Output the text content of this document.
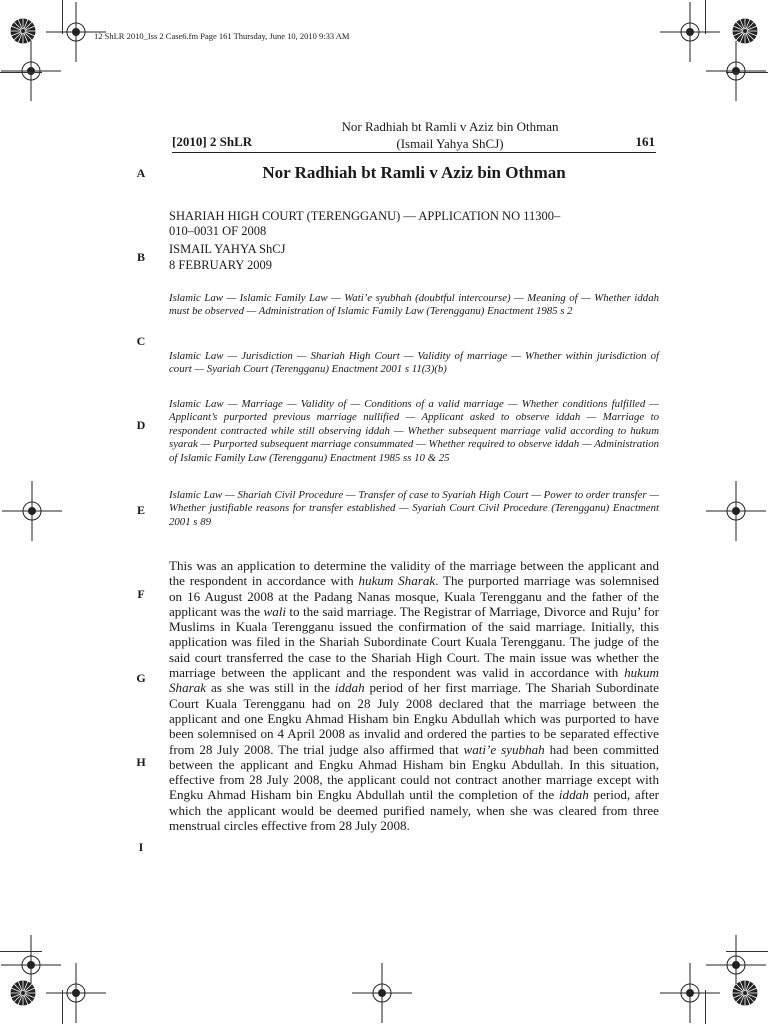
12 ShLR 2010_Iss 2 Case6.fm Page 161 Thursday, June 10, 2010 9:33 AM
[2010] 2 ShLR
Nor Radhiah bt Ramli v Aziz bin Othman
(Ismail Yahya ShCJ)	161
Nor Radhiah bt Ramli v Aziz bin Othman
A
B
C
D
E
F
G
H
I
SHARIAH HIGH COURT (TERENGGANU) — APPLICATION NO 11300–
010–0031 OF 2008
ISMAIL YAHYA ShCJ
8 FEBRUARY 2009
Islamic Law — Islamic Family Law — Wati’e syubhah (doubtful intercourse) — Meaning of — Whether iddah must be observed — Administration of Islamic Family Law (Terengganu) Enactment 1985 s 2
Islamic Law — Jurisdiction — Shariah High Court — Validity of marriage — Whether within jurisdiction of court — Syariah Court (Terengganu) Enactment 2001 s 11(3)(b)
Islamic Law — Marriage — Validity of — Conditions of a valid marriage — Whether conditions fulfilled — Applicant’s purported previous marriage nullified — Applicant asked to observe iddah — Marriage to respondent contracted while still observing iddah — Whether subsequent marriage valid according to hukum syarak — Purported subsequent marriage consummated — Whether required to observe iddah — Administration of Islamic Family Law (Terengganu) Enactment 1985 ss 10 & 25
Islamic Law — Shariah Civil Procedure — Transfer of case to Syariah High Court — Power to order transfer — Whether justifiable reasons for transfer established — Syariah Court Civil Procedure (Terengganu) Enactment 2001 s 89
This was an application to determine the validity of the marriage between the applicant and the respondent in accordance with hukum Sharak. The purported marriage was solemnised on 16 August 2008 at the Padang Nanas mosque, Kuala Terengganu and the father of the applicant was the wali to the said marriage. The Registrar of Marriage, Divorce and Ruju’ for Muslims in Kuala Terengganu issued the confirmation of the said marriage. Initially, this application was filed in the Shariah Subordinate Court Kuala Terengganu. The judge of the said court transferred the case to the Shariah High Court. The main issue was whether the marriage between the applicant and the respondent was valid in accordance with hukum Sharak as she was still in the iddah period of her first marriage. The Shariah Subordinate Court Kuala Terengganu had on 28 July 2008 declared that the marriage between the applicant and one Engku Ahmad Hisham bin Engku Abdullah which was purported to have been solemnised on 4 April 2008 as invalid and ordered the parties to be separated effective from 28 July 2008. The trial judge also affirmed that wati’e syubhah had been committed between the applicant and Engku Ahmad Hisham bin Engku Abdullah. In this situation, effective from 28 July 2008, the applicant could not contract another marriage except with Engku Ahmad Hisham bin Engku Abdullah until the completion of the iddah period, after which the applicant would be deemed purified namely, when she was cleared from three menstrual circles effective from 28 July 2008.
